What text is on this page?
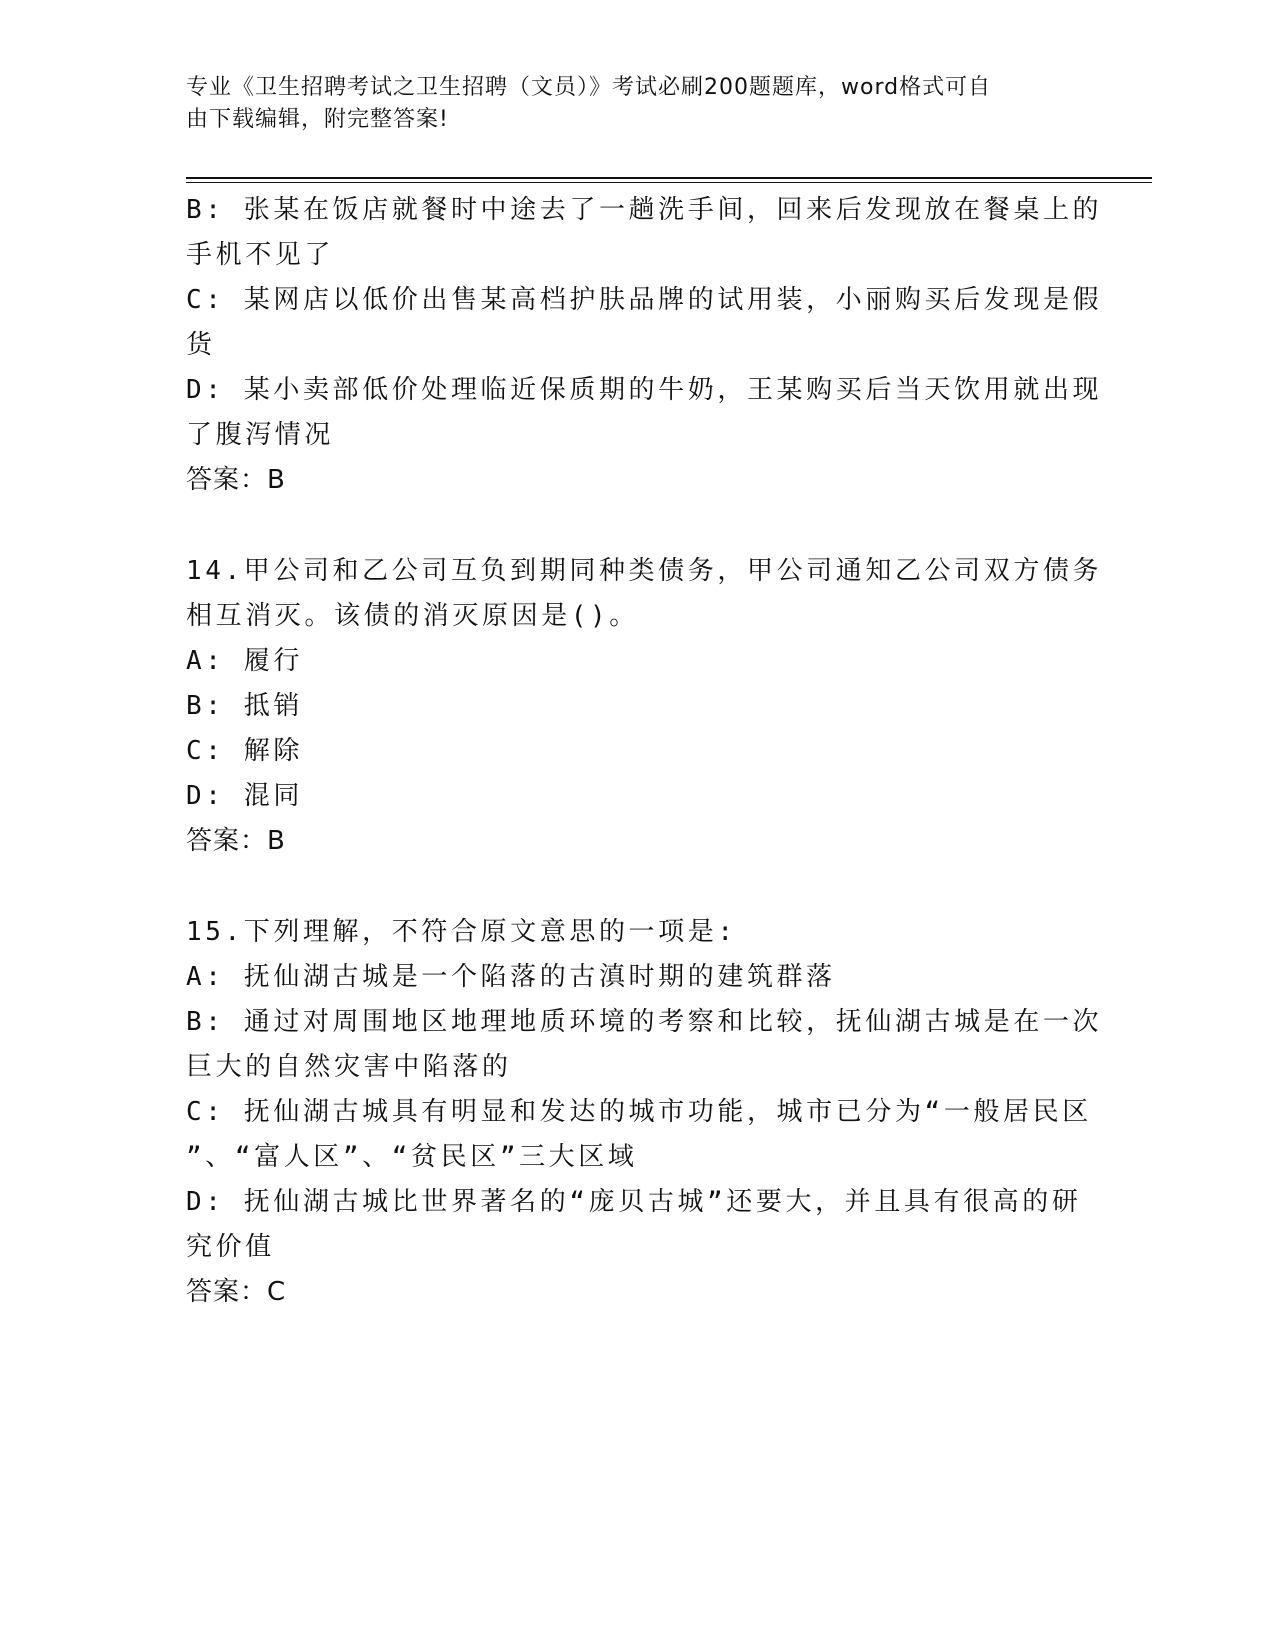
专业《卫生招聘考试之卫生招聘（文员）》考试必刷200题题库，word格式可自
由下载编辑，附完整答案!
B: 张某在饭店就餐时中途去了一趟洗手间，回来后发现放在餐桌上的
手机不见了
C: 某网店以低价出售某高档护肤品牌的试用装，小丽购买后发现是假
货
D: 某小卖部低价处理临近保质期的牛奶，王某购买后当天饮用就出现
了腹泻情况
答案：B
14.甲公司和乙公司互负到期同种类债务，甲公司通知乙公司双方债务
相互消灭。该债的消灭原因是()。
A: 履行
B: 抵销
C: 解除
D: 混同
答案：B
15.下列理解，不符合原文意思的一项是:
A: 抚仙湖古城是一个陷落的古滇时期的建筑群落
B: 通过对周围地区地理地质环境的考察和比较，抚仙湖古城是在一次
巨大的自然灾害中陷落的
C: 抚仙湖古城具有明显和发达的城市功能，城市已分为“一般居民区
”、“富人区”、“贫民区”三大区域
D: 抚仙湖古城比世界著名的“庞贝古城”还要大，并且具有很高的研
究价值
答案：C
